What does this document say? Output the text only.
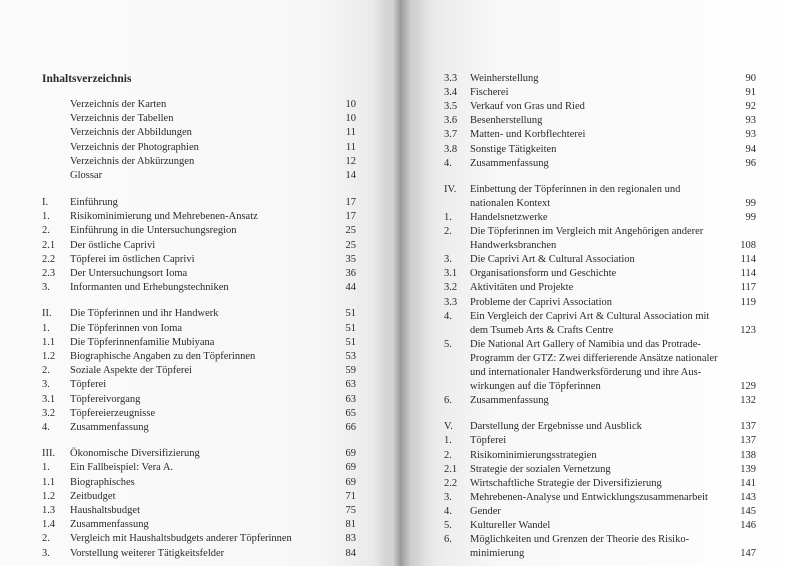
Inhaltsverzeichnis
Verzeichnis der Karten	10
Verzeichnis der Tabellen	10
Verzeichnis der Abbildungen	11
Verzeichnis der Photographien	11
Verzeichnis der Abkürzungen	12
Glossar	14
I.	Einführung	17
1.	Risikominimierung und Mehrebenen-Ansatz	17
2.	Einführung in die Untersuchungsregion	25
2.1	Der östliche Caprivi	25
2.2	Töpferei im östlichen Caprivi	35
2.3	Der Untersuchungsort Ioma	36
3.	Informanten und Erhebungstechniken	44
II.	Die Töpferinnen und ihr Handwerk	51
1.	Die Töpferinnen von Ioma	51
1.1	Die Töpferinnenfamilie Mubiyana	51
1.2	Biographische Angaben zu den Töpferinnen	53
2.	Soziale Aspekte der Töpferei	59
3.	Töpferei	63
3.1	Töpfereivorgang	63
3.2	Töpfereierzeugnisse	65
4.	Zusammenfassung	66
III.	Ökonomische Diversifizierung	69
1.	Ein Fallbeispiel: Vera A.	69
1.1	Biographisches	69
1.2	Zeitbudget	71
1.3	Haushaltsbudget	75
1.4	Zusammenfassung	81
2.	Vergleich mit Haushaltsbudgets anderer Töpferinnen	83
3.	Vorstellung weiterer Tätigkeitsfelder	84
3.3	Weinherstellung	90
3.4	Fischerei	91
3.5	Verkauf von Gras und Ried	92
3.6	Besenherstellung	93
3.7	Matten- und Korbflechterei	93
3.8	Sonstige Tätigkeiten	94
4.	Zusammenfassung	96
IV.	Einbettung der Töpferinnen in den regionalen und
nationalen Kontext	99
1.	Handelsnetzwerke	99
2.	Die Töpferinnen im Vergleich mit Angehörigen anderer
Handwerksbranchen	108
3.	Die Caprivi Art & Cultural Association	114
3.1	Organisationsform und Geschichte	114
3.2	Aktivitäten und Projekte	117
3.3	Probleme der Caprivi Association	119
4.	Ein Vergleich der Caprivi Art & Cultural Association mit
dem Tsumeb Arts & Crafts Centre	123
5.	Die National Art Gallery of Namibia und das Protrade-
Programm der GTZ: Zwei differierende Ansätze nationaler
und internationaler Handwerksförderung und ihre Aus-
wirkungen auf die Töpferinnen	129
6.	Zusammenfassung	132
V.	Darstellung der Ergebnisse und Ausblick	137
1.	Töpferei	137
2.	Risikominimierungsstrategien	138
2.1	Strategie der sozialen Vernetzung	139
2.2	Wirtschaftliche Strategie der Diversifizierung	141
3.	Mehrebenen-Analyse und Entwicklungszusammenarbeit	143
4.	Gender	145
5.	Kultureller Wandel	146
6.	Möglichkeiten und Grenzen der Theorie des Risiko-
minimierung	147
